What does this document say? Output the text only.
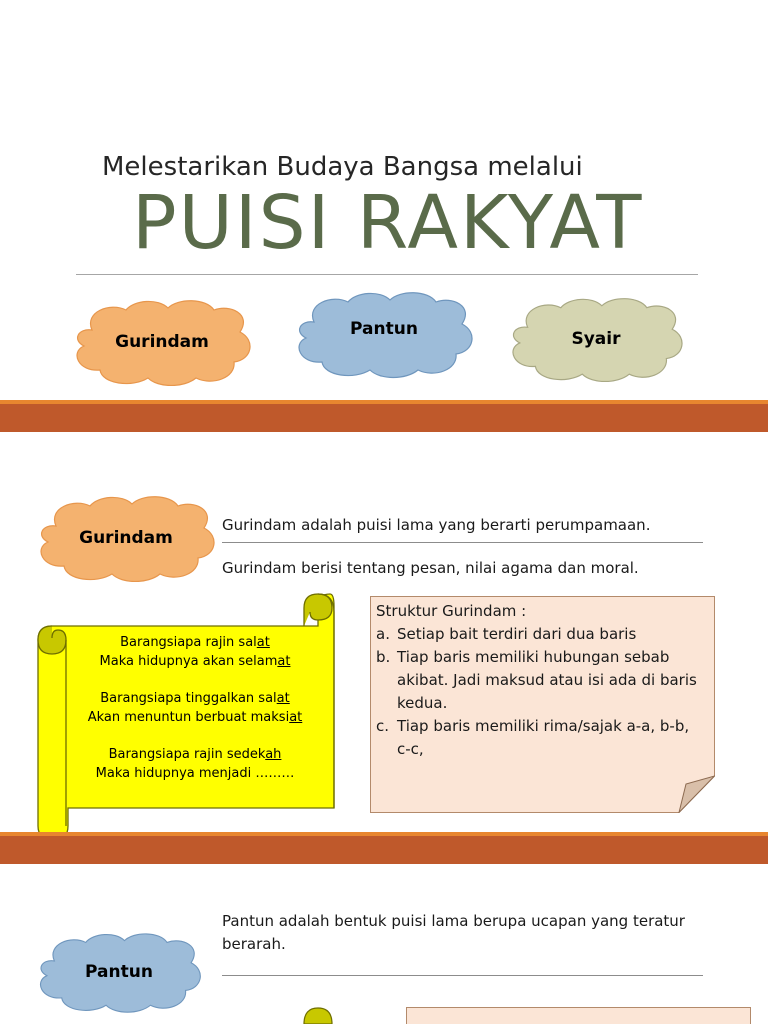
Melestarikan Budaya Bangsa melalui
PUISI RAKYAT
Gurindam
Pantun	Syair
Gurindam
Gurindam adalah puisi lama yang berarti perumpamaan.
Gurindam berisi tentang pesan, nilai agama dan moral.
Barangsiapa rajin salat
Maka hidupnya akan selamat
Barangsiapa tinggalkan salat
Akan menuntun berbuat maksiat
Barangsiapa rajin sedekah
Maka hidupnya menjadi ………
Struktur Gurindam :
a. Setiap bait terdiri dari dua baris
b. Tiap baris memiliki hubungan sebab akibat. Jadi maksud atau isi ada di baris kedua.
c. Tiap baris memiliki rima/sajak a-a, b-b, c-c,
Pantun adalah bentuk puisi lama berupa ucapan yang teratur berarah.
Pantun
